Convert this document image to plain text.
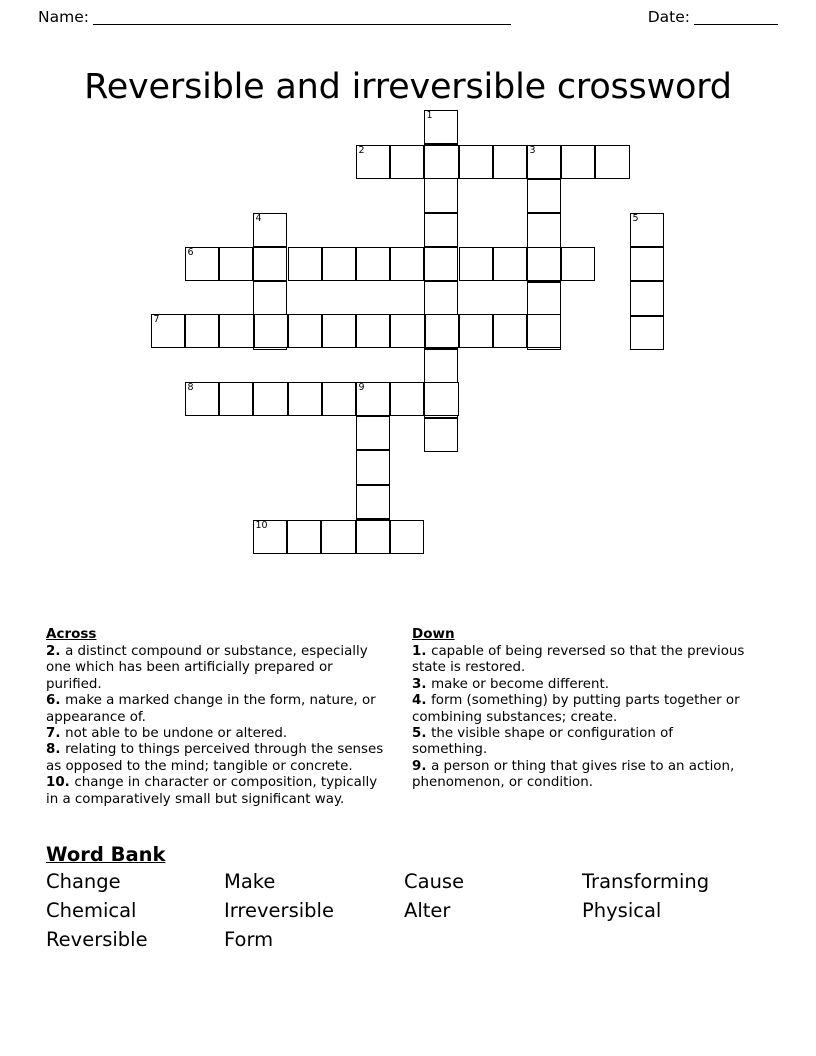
Name:	Date:
Reversible and irreversible crossword
1
2	3
4	5
6
7
8	9
10
Across
2. a distinct compound or substance, especially one which has been artificially prepared or purified.
6. make a marked change in the form, nature, or appearance of.
7. not able to be undone or altered.
8. relating to things perceived through the senses as opposed to the mind; tangible or concrete.
10. change in character or composition, typically in a comparatively small but significant way.
Down
1. capable of being reversed so that the previous state is restored.
3. make or become different.
4. form (something) by putting parts together or combining substances; create.
5. the visible shape or configuration of something.
9. a person or thing that gives rise to an action, phenomenon, or condition.
Word Bank
Change	Make	Cause	Transforming
Chemical	Irreversible	Alter	Physical
Reversible	Form
